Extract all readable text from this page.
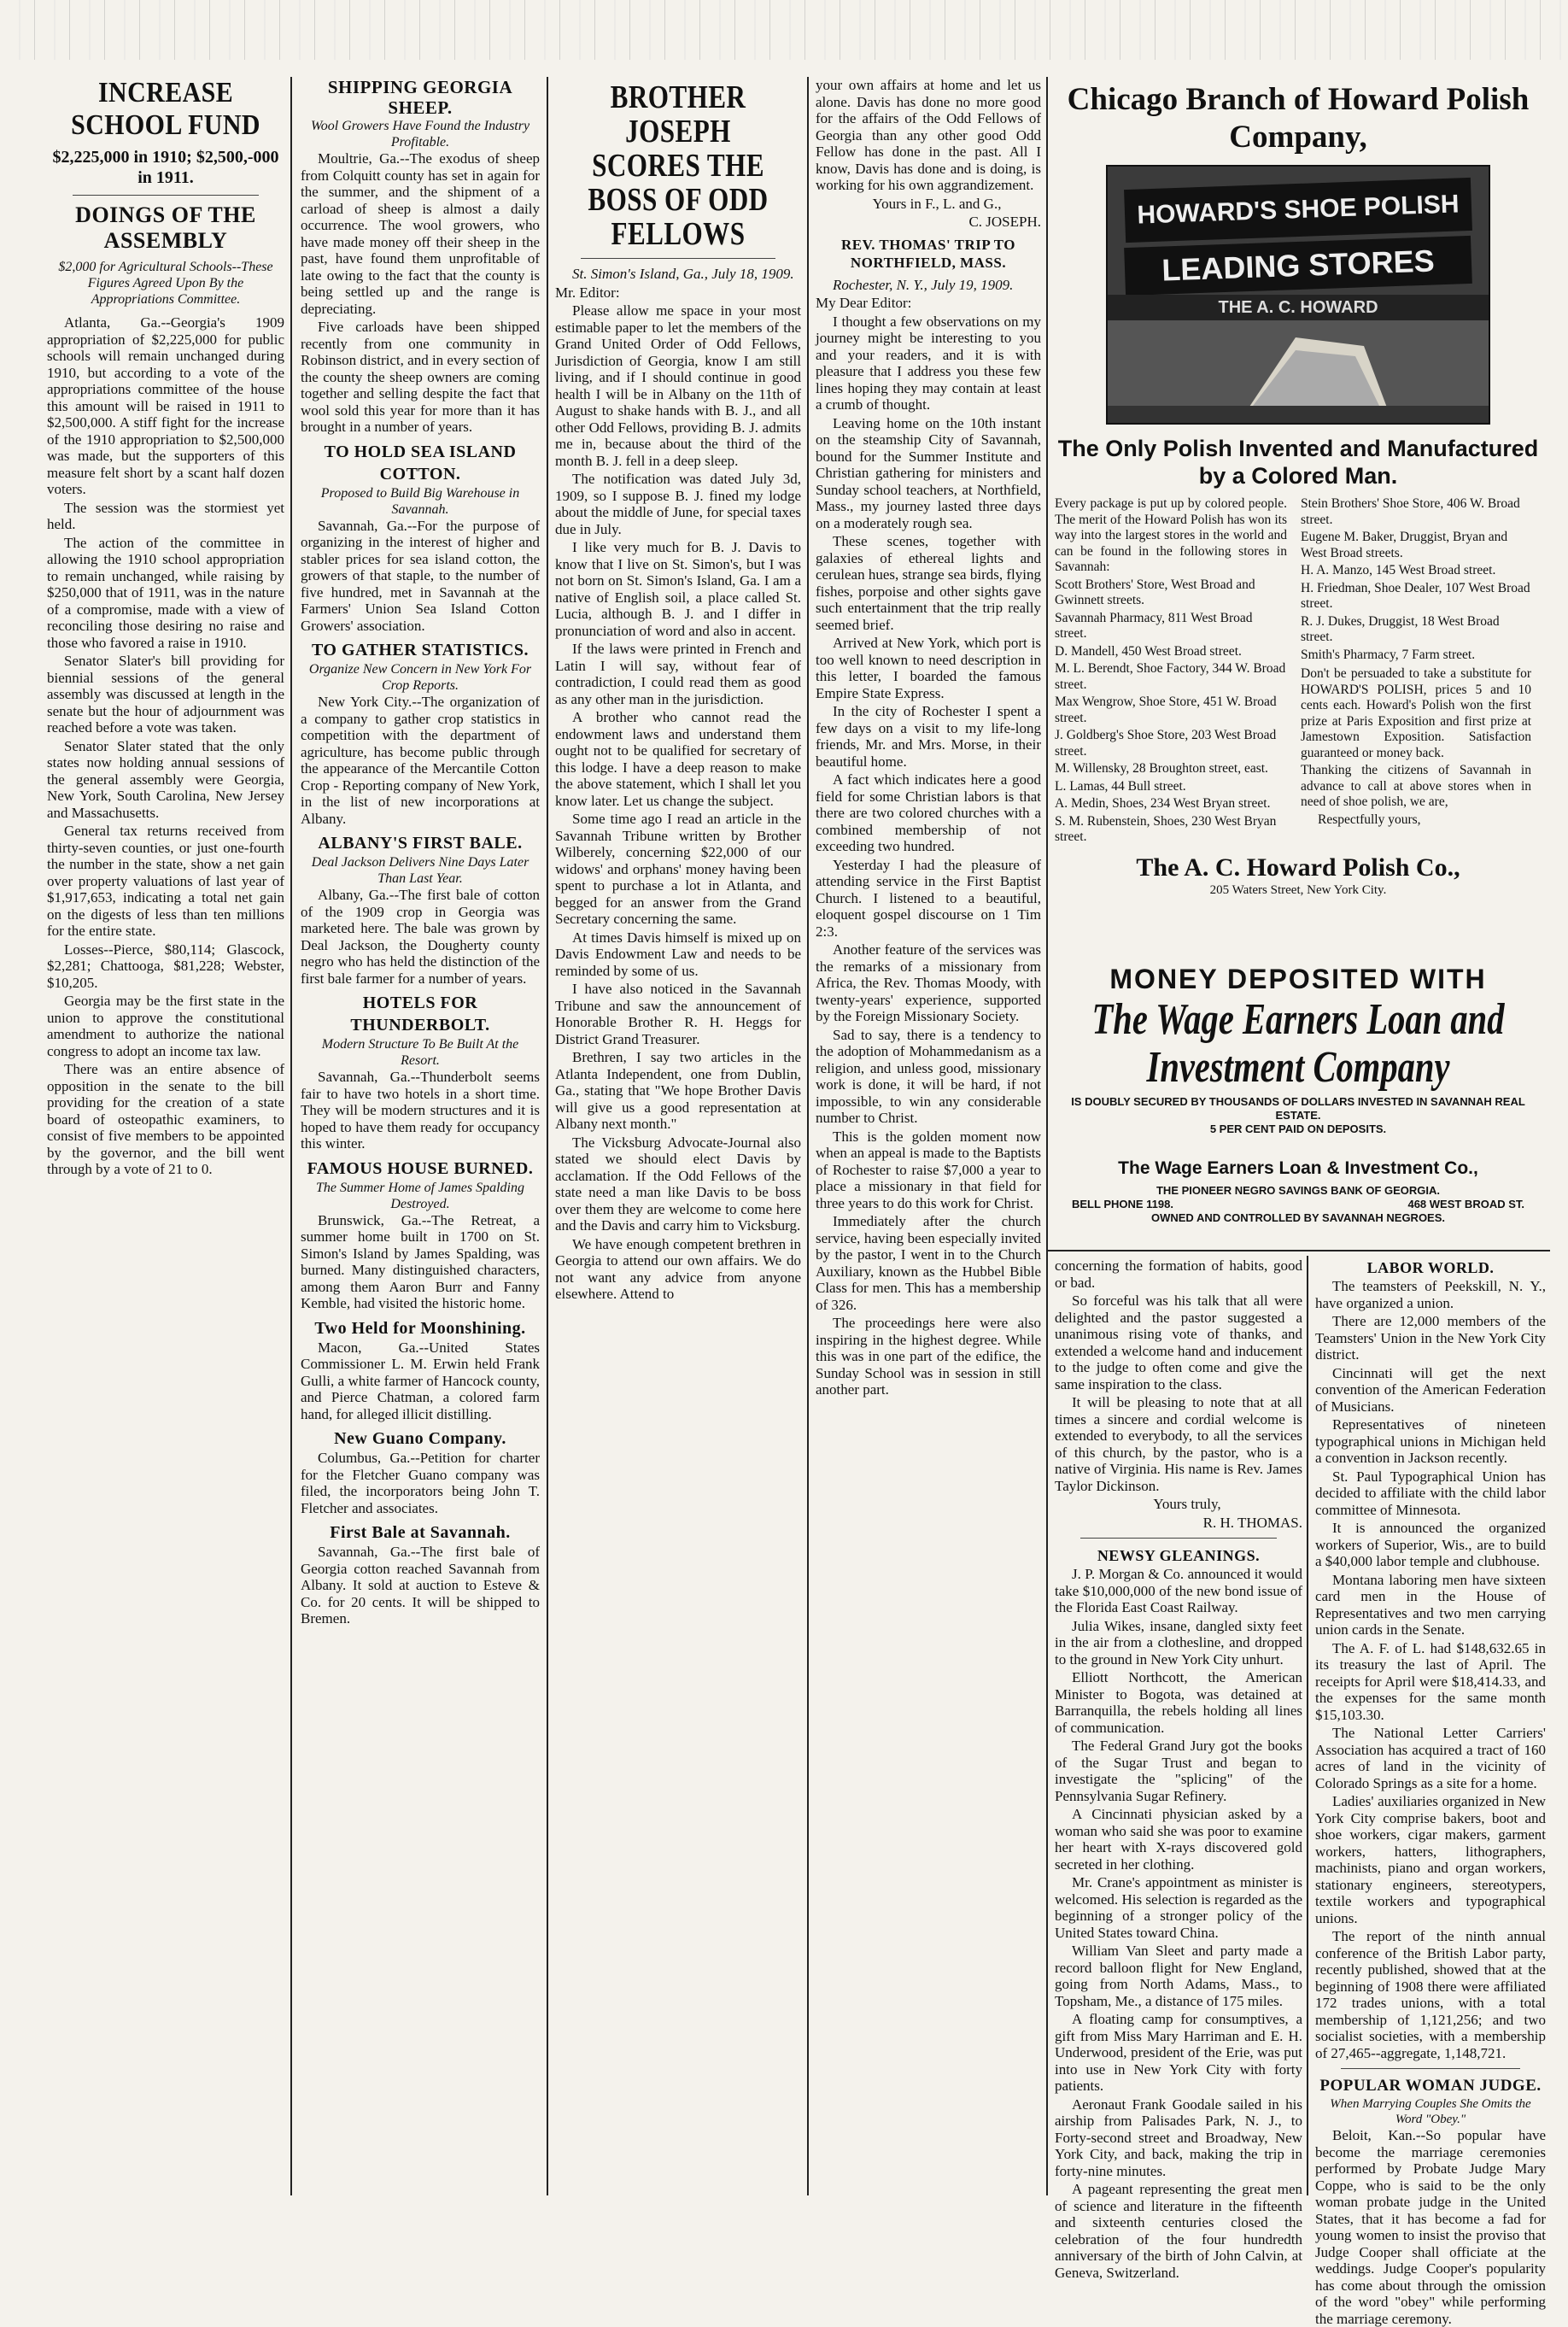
INCREASE SCHOOL FUND
$2,225,000 in 1910; $2,500,-000 in 1911.
DOINGS OF THE ASSEMBLY
$2,000 for Agricultural Schools--These Figures Agreed Upon By the Appropriations Committee.

Atlanta, Ga.--Georgia's 1909 appropriation of $2,225,000 for public schools will remain unchanged during 1910, but according to a vote of the appropriations committee of the house this amount will be raised in 1911 to $2,500,000. A stiff fight for the increase of the 1910 appropriation to $2,500,000 was made, but the supporters of this measure felt short by a scant half dozen voters.

The session was the stormiest yet held.

The action of the committee in allowing the 1910 school appropriation to remain unchanged, while raising by $250,000 that of 1911, was in the nature of a compromise, made with a view of reconciling those desiring no raise and those who favored a raise in 1910.

Senator Slater's bill providing for biennial sessions of the general assembly was discussed at length in the senate but the hour of adjournment was reached before a vote was taken.

Senator Slater stated that the only states now holding annual sessions of the general assembly were Georgia, New York, South Carolina, New Jersey and Massachusetts.

General tax returns received from thirty-seven counties, or just one-fourth the number in the state, show a net gain over property valuations of last year of $1,917,653, indicating a total net gain on the digests of less than ten millions for the entire state.

Losses--Pierce, $80,114; Glascock, $2,281; Chattooga, $81,228; Webster, $10,205.

Georgia may be the first state in the union to approve the constitutional amendment to authorize the national congress to adopt an income tax law.

There was an entire absence of opposition in the senate to the bill providing for the creation of a state board of osteopathic examiners, to consist of five members to be appointed by the governor, and the bill went through by a vote of 21 to 0.

SHIPPING GEORGIA SHEEP.
Wool Growers Have Found the Industry Profitable.

Moultrie, Ga.--The exodus of sheep from Colquitt county has set in again for the summer, and the shipment of a carload of sheep is almost a daily occurrence. The wool growers, who have made money off their sheep in the past, have found them unprofitable of late owing to the fact that the county is being settled up and the range is depreciating.

Five carloads have been shipped recently from one community in Robinson district, and in every section of the county the sheep owners are coming together and selling despite the fact that wool sold this year for more than it has brought in a number of years.

TO HOLD SEA ISLAND COTTON.
Proposed to Build Big Warehouse in Savannah.

Savannah, Ga.--For the purpose of organizing in the interest of higher and stabler prices for sea island cotton, the growers of that staple, to the number of five hundred, met in Savannah at the Farmers' Union Sea Island Cotton Growers' association.

TO GATHER STATISTICS.
Organize New Concern in New York For Crop Reports.

New York City.--The organization of a company to gather crop statistics in competition with the department of agriculture, has become public through the appearance of the Mercantile Cotton Crop - Reporting company of New York, in the list of new incorporations at Albany.

ALBANY'S FIRST BALE.
Deal Jackson Delivers Nine Days Later Than Last Year.

Albany, Ga.--The first bale of cotton of the 1909 crop in Georgia was marketed here. The bale was grown by Deal Jackson, the Dougherty county negro who has held the distinction of the first bale farmer for a number of years.

HOTELS FOR THUNDERBOLT.
Modern Structure To Be Built At the Resort.

Savannah, Ga.--Thunderbolt seems fair to have two hotels in a short time. They will be modern structures and it is hoped to have them ready for occupancy this winter.

FAMOUS HOUSE BURNED.
The Summer Home of James Spalding Destroyed.

Brunswick, Ga.--The Retreat, a summer home built in 1700 on St. Simon's Island by James Spalding, was burned. Many distinguished characters, among them Aaron Burr and Fanny Kemble, had visited the historic home.

Two Held for Moonshining.

Macon, Ga.--United States Commissioner L. M. Erwin held Frank Gulli, a white farmer of Hancock county, and Pierce Chatman, a colored farm hand, for alleged illicit distilling.

New Guano Company.

Columbus, Ga.--Petition for charter for the Fletcher Guano company was filed, the incorporators being John T. Fletcher and associates.

First Bale at Savannah.

Savannah, Ga.--The first bale of Georgia cotton reached Savannah from Albany. It sold at auction to Esteve & Co. for 20 cents. It will be shipped to Bremen.

BROTHER JOSEPH SCORES THE BOSS OF ODD FELLOWS

St. Simon's Island, Ga., July 18, 1909.

Mr. Editor:

Please allow me space in your most estimable paper to let the members of the Grand United Order of Odd Fellows, Jurisdiction of Georgia, know I am still living, and if I should continue in good health I will be in Albany on the 11th of August to shake hands with B. J., and all other Odd Fellows, providing B. J. admits me in, because about the third of the month B. J. fell in a deep sleep.

The notification was dated July 3d, 1909, so I suppose B. J. fined my lodge about the middle of June, for special taxes due in July.

I like very much for B. J. Davis to know that I live on St. Simon's, but I was not born on St. Simon's Island, Ga. I am a native of English soil, a place called St. Lucia, although B. J. and I differ in pronunciation of word and also in accent.

If the laws were printed in French and Latin I will say, without fear of contradiction, I could read them as good as any other man in the jurisdiction.

A brother who cannot read the endowment laws and understand them ought not to be qualified for secretary of this lodge. I have a deep reason to make the above statement, which I shall let you know later. Let us change the subject.

Some time ago I read an article in the Savannah Tribune written by Brother Wilberely, concerning $22,000 of our widows' and orphans' money having been spent to purchase a lot in Atlanta, and begged for an answer from the Grand Secretary concerning the same.

At times Davis himself is mixed up on Davis Endowment Law and needs to be reminded by some of us.

I have also noticed in the Savannah Tribune and saw the announcement of Honorable Brother R. H. Heggs for District Grand Treasurer.

Brethren, I say two articles in the Atlanta Independent, one from Dublin, Ga., stating that "We hope Brother Davis will give us a good representation at Albany next month."

The Vicksburg Advocate-Journal also stated we should elect Davis by acclamation. If the Odd Fellows of the state need a man like Davis to be boss over them they are welcome to come here and the Davis and carry him to Vicksburg.

We have enough competent brethren in Georgia to attend our own affairs. We do not want any advice from anyone elsewhere. Attend to

your own affairs at home and let us alone. Davis has done no more good for the affairs of the Odd Fellows of Georgia than any other good Odd Fellow has done in the past. All I know, Davis has done and is doing, is working for his own aggrandizement.

Yours in F., L. and G.,

C. JOSEPH.

REV. THOMAS' TRIP TO NORTHFIELD, MASS.

Rochester, N. Y., July 19, 1909.

My Dear Editor:

I thought a few observations on my journey might be interesting to you and your readers, and it is with pleasure that I address you these few lines hoping they may contain at least a crumb of thought.

Leaving home on the 10th instant on the steamship City of Savannah, bound for the Summer Institute and Christian gathering for ministers and Sunday school teachers, at Northfield, Mass., my journey lasted three days on a moderately rough sea.

These scenes, together with galaxies of ethereal lights and cerulean hues, strange sea birds, flying fishes, porpoise and other sights gave such entertainment that the trip really seemed brief.

Arrived at New York, which port is too well known to need description in this letter, I boarded the famous Empire State Express.

In the city of Rochester I spent a few days on a visit to my life-long friends, Mr. and Mrs. Morse, in their beautiful home.

A fact which indicates here a good field for some Christian labors is that there are two colored churches with a combined membership of not exceeding two hundred.

Yesterday I had the pleasure of attending service in the First Baptist Church. I listened to a beautiful, eloquent gospel discourse on 1 Tim 2:3.

Another feature of the services was the remarks of a missionary from Africa, the Rev. Thomas Moody, with twenty-years' experience, supported by the Foreign Missionary Society.

Sad to say, there is a tendency to the adoption of Mohammedanism as a religion, and unless good, missionary work is done, it will be hard, if not impossible, to win any considerable number to Christ.

This is the golden moment now when an appeal is made to the Baptists of Rochester to raise $7,000 a year to place a missionary in that field for three years to do this work for Christ.

Immediately after the church service, having been especially invited by the pastor, I went in to the Church Auxiliary, known as the Hubbel Bible Class for men. This has a membership of 326.

The proceedings here were also inspiring in the highest degree. While this was in one part of the edifice, the Sunday School was in session in still another part.

Chicago Branch of Howard Polish Company,
HOWARD'S SHOE POLISH
LEADING STORES
THE A. C. HOWARD
The Only Polish Invented and Manufactured by a Colored Man.
Every package is put up by colored people. The merit of the Howard Polish has won its way into the largest stores in the world and can be found in the following stores in Savannah:
Scott Brothers' Store, West Broad and Gwinnett streets.
Savannah Pharmacy, 811 West Broad street.
D. Mandell, 450 West Broad street.
M. L. Berendt, Shoe Factory, 344 W. Broad street.
Max Wengrow, Shoe Store, 451 W. Broad street.
J. Goldberg's Shoe Store, 203 West Broad street.
M. Willensky, 28 Broughton street, east.
L. Lamas, 44 Bull street.
A. Medin, Shoes, 234 West Bryan street.
S. M. Rubenstein, Shoes, 230 West Bryan street.
Stein Brothers' Shoe Store, 406 W. Broad street.
Eugene M. Baker, Druggist, Bryan and West Broad streets.
H. A. Manzo, 145 West Broad street.
H. Friedman, Shoe Dealer, 107 West Broad street.
R. J. Dukes, Druggist, 18 West Broad street.
Smith's Pharmacy, 7 Farm street.
Don't be persuaded to take a substitute for HOWARD'S POLISH, prices 5 and 10 cents each. Howard's Polish won the first prize at Paris Exposition and first prize at Jamestown Exposition. Satisfaction guaranteed or money back.
Thanking the citizens of Savannah in advance to call at above stores when in need of shoe polish, we are,
Respectfully yours,
The A. C. Howard Polish Co.,
205 Waters Street, New York City.
MONEY DEPOSITED WITH
The Wage Earners Loan and Investment Company
IS DOUBLY SECURED BY THOUSANDS OF DOLLARS INVESTED IN SAVANNAH REAL ESTATE.
5 PER CENT PAID ON DEPOSITS.
The Wage Earners Loan & Investment Co.,
THE PIONEER NEGRO SAVINGS BANK OF GEORGIA.
BELL PHONE 1198.	468 WEST BROAD ST.
OWNED AND CONTROLLED BY SAVANNAH NEGROES.

concerning the formation of habits, good or bad.

So forceful was his talk that all were delighted and the pastor suggested a unanimous rising vote of thanks, and extended a welcome hand and inducement to the judge to often come and give the same inspiration to the class.

It will be pleasing to note that at all times a sincere and cordial welcome is extended to everybody, to all the services of this church, by the pastor, who is a native of Virginia. His name is Rev. James Taylor Dickinson.

Yours truly,

R. H. THOMAS.

NEWSY GLEANINGS.

J. P. Morgan & Co. announced it would take $10,000,000 of the new bond issue of the Florida East Coast Railway.

Julia Wikes, insane, dangled sixty feet in the air from a clothesline, and dropped to the ground in New York City unhurt.

Elliott Northcott, the American Minister to Bogota, was detained at Barranquilla, the rebels holding all lines of communication.

The Federal Grand Jury got the books of the Sugar Trust and began to investigate the "splicing" of the Pennsylvania Sugar Refinery.

A Cincinnati physician asked by a woman who said she was poor to examine her heart with X-rays discovered gold secreted in her clothing.

Mr. Crane's appointment as minister is welcomed. His selection is regarded as the beginning of a stronger policy of the United States toward China.

William Van Sleet and party made a record balloon flight for New England, going from North Adams, Mass., to Topsham, Me., a distance of 175 miles.

A floating camp for consumptives, a gift from Miss Mary Harriman and E. H. Underwood, president of the Erie, was put into use in New York City with forty patients.

Aeronaut Frank Goodale sailed in his airship from Palisades Park, N. J., to Forty-second street and Broadway, New York City, and back, making the trip in forty-nine minutes.

A pageant representing the great men of science and literature in the fifteenth and sixteenth centuries closed the celebration of the four hundredth anniversary of the birth of John Calvin, at Geneva, Switzerland.

LABOR WORLD.

The teamsters of Peekskill, N. Y., have organized a union.

There are 12,000 members of the Teamsters' Union in the New York City district.

Cincinnati will get the next convention of the American Federation of Musicians.

Representatives of nineteen typographical unions in Michigan held a convention in Jackson recently.

St. Paul Typographical Union has decided to affiliate with the child labor committee of Minnesota.

It is announced the organized workers of Superior, Wis., are to build a $40,000 labor temple and clubhouse.

Montana laboring men have sixteen card men in the House of Representatives and two men carrying union cards in the Senate.

The A. F. of L. had $148,632.65 in its treasury the last of April. The receipts for April were $18,414.33, and the expenses for the same month $15,103.30.

The National Letter Carriers' Association has acquired a tract of 160 acres of land in the vicinity of Colorado Springs as a site for a home.

Ladies' auxiliaries organized in New York City comprise bakers, boot and shoe workers, cigar makers, garment workers, hatters, lithographers, machinists, piano and organ workers, stationary engineers, stereotypers, textile workers and typographical unions.

The report of the ninth annual conference of the British Labor party, recently published, showed that at the beginning of 1908 there were affiliated 172 trades unions, with a total membership of 1,121,256; and two socialist societies, with a membership of 27,465--aggregate, 1,148,721.

POPULAR WOMAN JUDGE.
When Marrying Couples She Omits the Word "Obey."

Beloit, Kan.--So popular have become the marriage ceremonies performed by Probate Judge Mary Coppe, who is said to be the only woman probate judge in the United States, that it has become a fad for young women to insist the proviso that Judge Cooper shall officiate at the weddings. Judge Cooper's popularity has come about through the omission of the word "obey" while performing the marriage ceremony.
